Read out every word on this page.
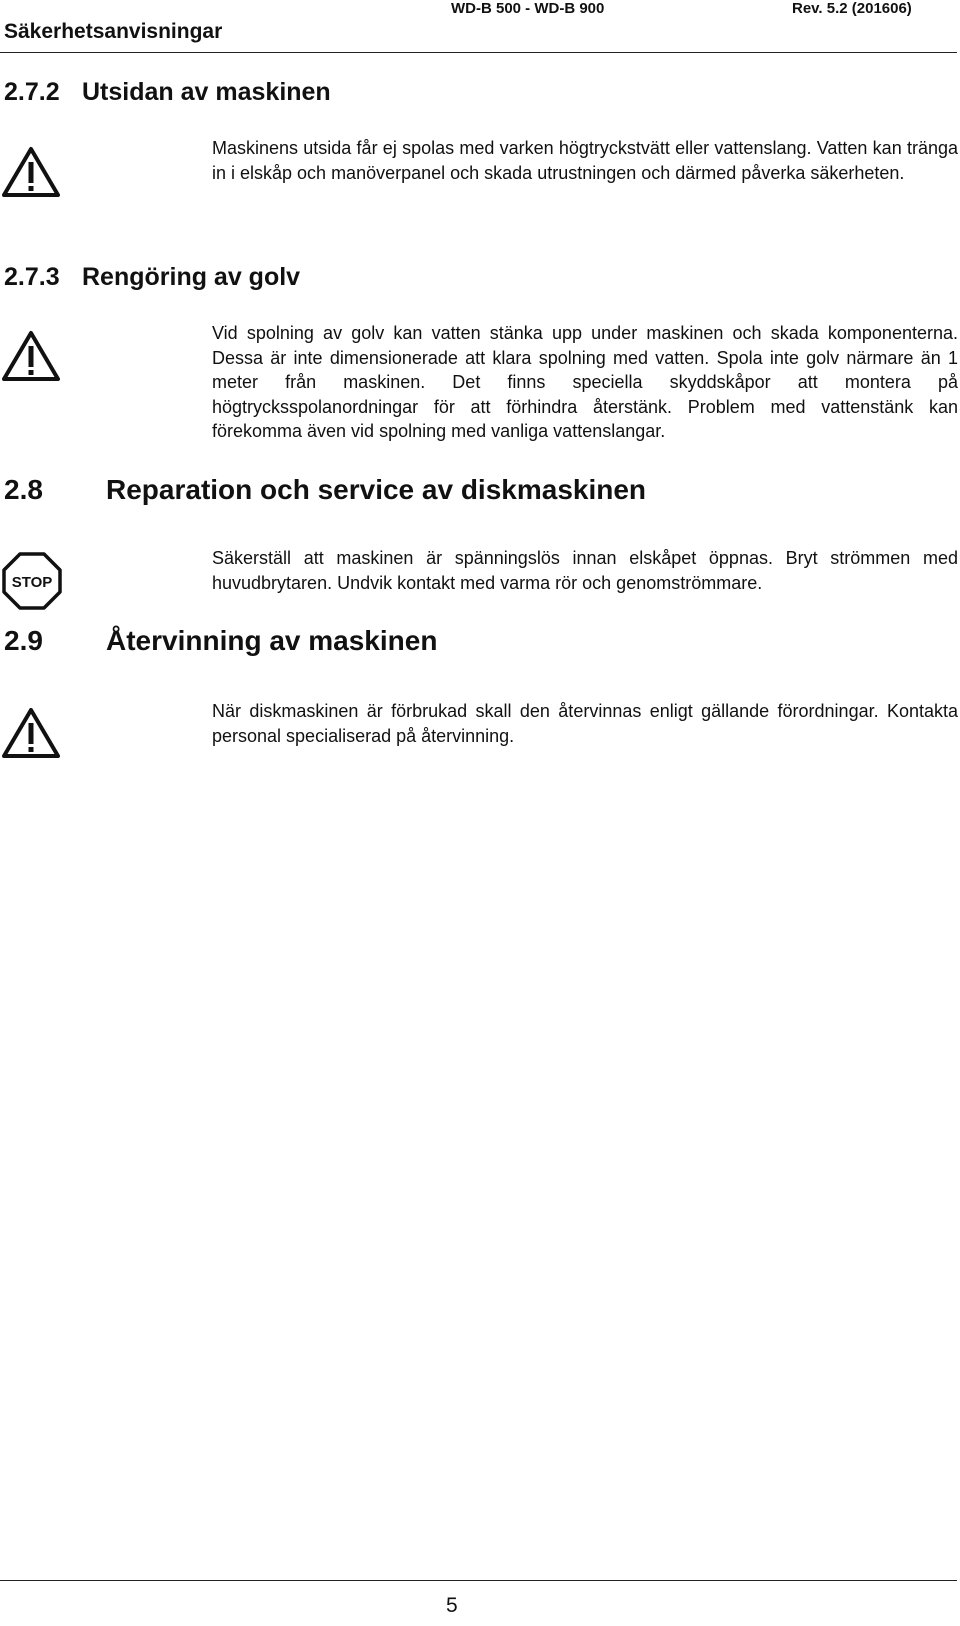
Säkerhetsanvisningar
WD-B 500 - WD-B 900	Rev. 5.2 (201606)
2.7.2 Utsidan av maskinen
Maskinens utsida får ej spolas med varken högtryckstvätt eller vattenslang. Vatten kan tränga in i elskåp och manöverpanel och skada utrustningen och därmed påverka säkerheten.
2.7.3 Rengöring av golv
Vid spolning av golv kan vatten stänka upp under maskinen och skada komponenterna. Dessa är inte dimensionerade att klara spolning med vatten. Spola inte golv närmare än 1 meter från maskinen. Det finns speciella skyddskåpor att montera på högtrycksspolanordningar för att förhindra återstänk. Problem med vattenstänk kan förekomma även vid spolning med vanliga vattenslangar.
2.8 Reparation och service av diskmaskinen
STOP
Säkerställ att maskinen är spänningslös innan elskåpet öppnas. Bryt strömmen med huvudbrytaren. Undvik kontakt med varma rör och genomströmmare.
2.9 Återvinning av maskinen
När diskmaskinen är förbrukad skall den återvinnas enligt gällande förordningar. Kontakta personal specialiserad på återvinning.
5
